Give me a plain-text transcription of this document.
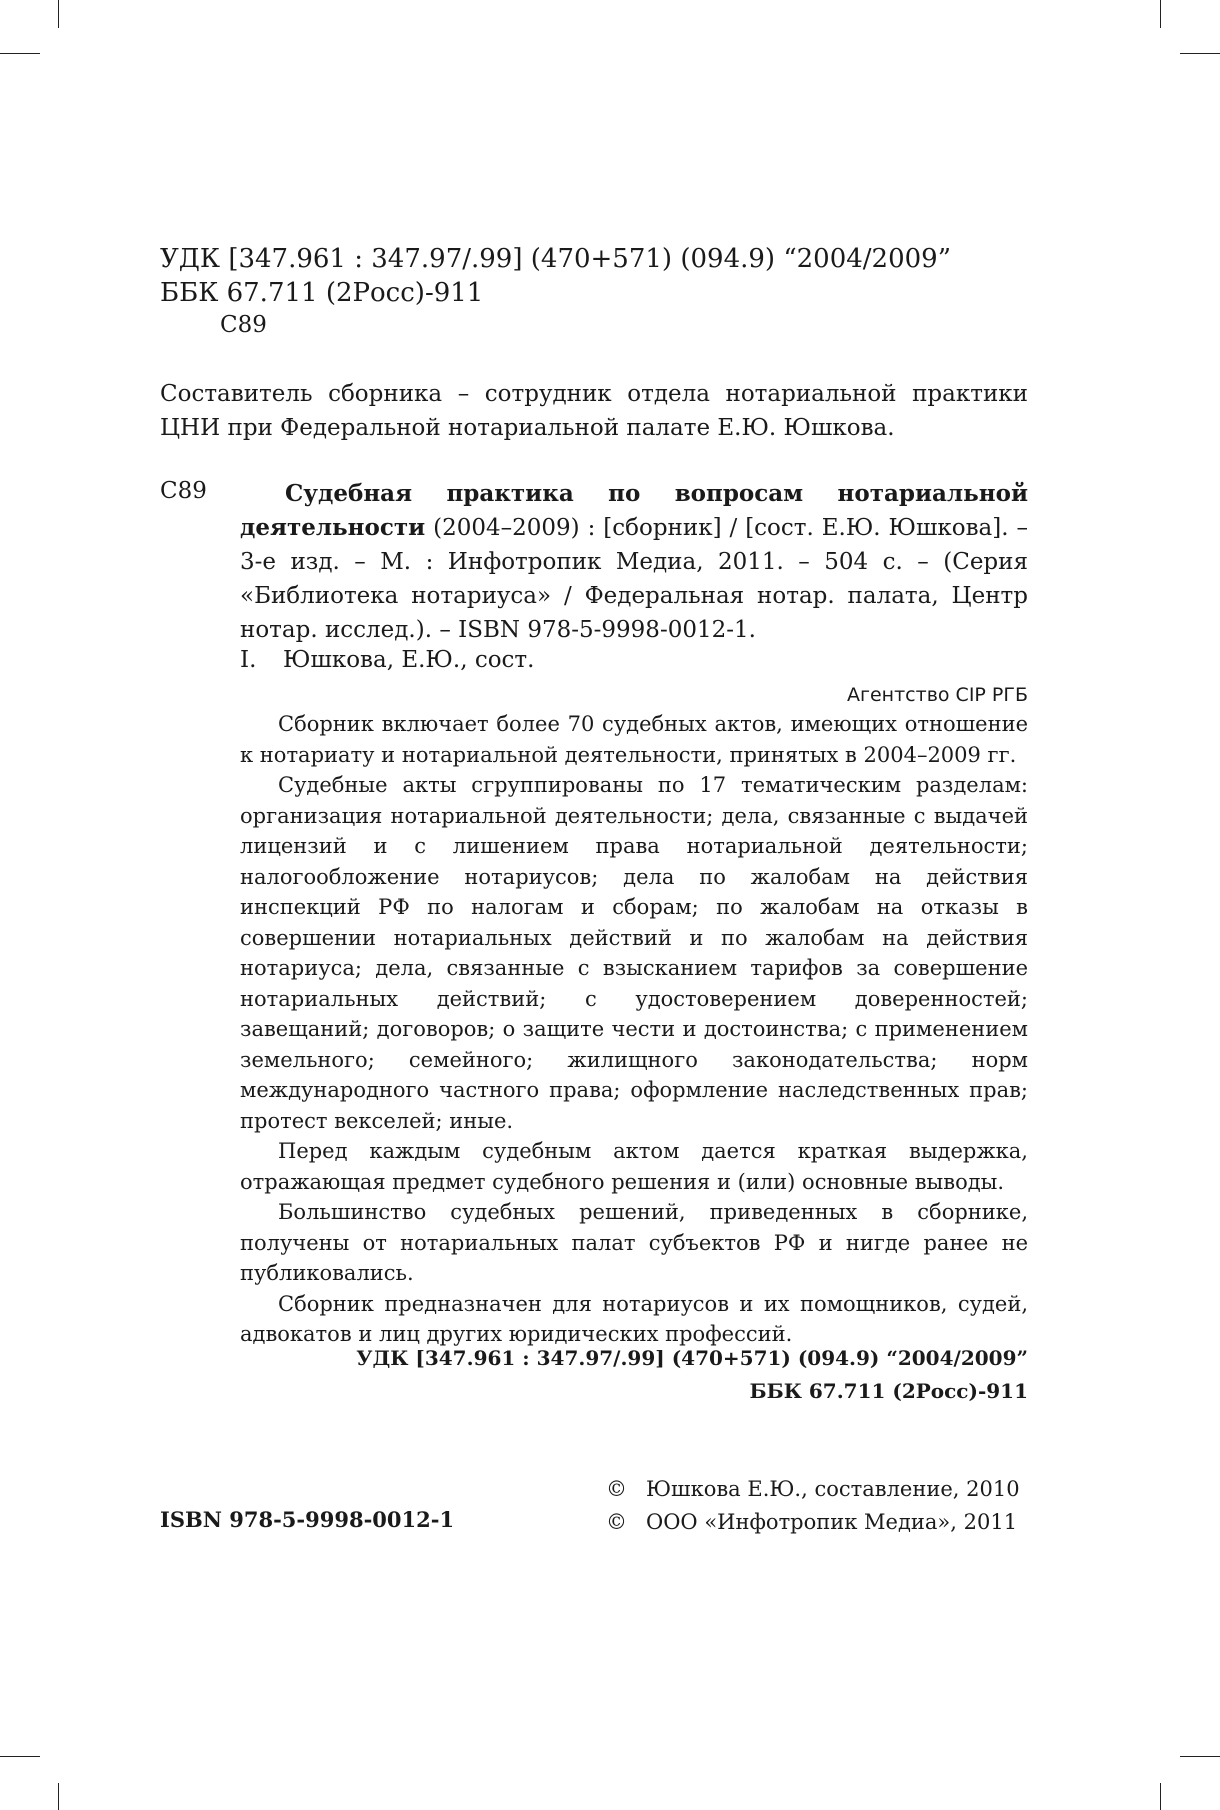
УДК [347.961 : 347.97/.99] (470+571) (094.9) “2004/2009”
ББК 67.711 (2Росс)-911
С89

Составитель сборника – сотрудник отдела нотариальной практики ЦНИ при Федеральной нотариальной палате Е.Ю. Юшкова.

С89	Судебная практика по вопросам нотариальной деятельности (2004–2009) : [сборник] / [сост. Е.Ю. Юшкова]. – 3-е изд. – М. : Инфотропик Медиа, 2011. – 504 с. – (Серия «Библиотека нотариуса» / Федеральная нотар. палата, Центр нотар. исслед.). – ISBN 978-5-9998-0012-1.

I. Юшкова, Е.Ю., сост.
Агентство CIP РГБ

Сборник включает более 70 судебных актов, имеющих отношение к нотариату и нотариальной деятельности, принятых в 2004–2009 гг.

Судебные акты сгруппированы по 17 тематическим разделам: организация нотариальной деятельности; дела, связанные с выдачей лицензий и с лишением права нотариальной деятельности; налогообложение нотариусов; дела по жалобам на действия инспекций РФ по налогам и сборам; по жалобам на отказы в совершении нотариальных действий и по жалобам на действия нотариуса; дела, связанные с взысканием тарифов за совершение нотариальных действий; с удостоверением доверенностей; завещаний; договоров; о защите чести и достоинства; с применением земельного; семейного; жилищного законодательства; норм международного частного права; оформление наследственных прав; протест векселей; иные.

Перед каждым судебным актом дается краткая выдержка, отражающая предмет судебного решения и (или) основные выводы.

Большинство судебных решений, приведенных в сборнике, получены от нотариальных палат субъектов РФ и нигде ранее не публиковались.

Сборник предназначен для нотариусов и их помощников, судей, адвокатов и лиц других юридических профессий.

УДК [347.961 : 347.97/.99] (470+571) (094.9) “2004/2009”
ББК 67.711 (2Росс)-911
ISBN 978-5-9998-0012-1
© Юшкова Е.Ю., составление, 2010
© ООО «Инфотропик Медиа», 2011
